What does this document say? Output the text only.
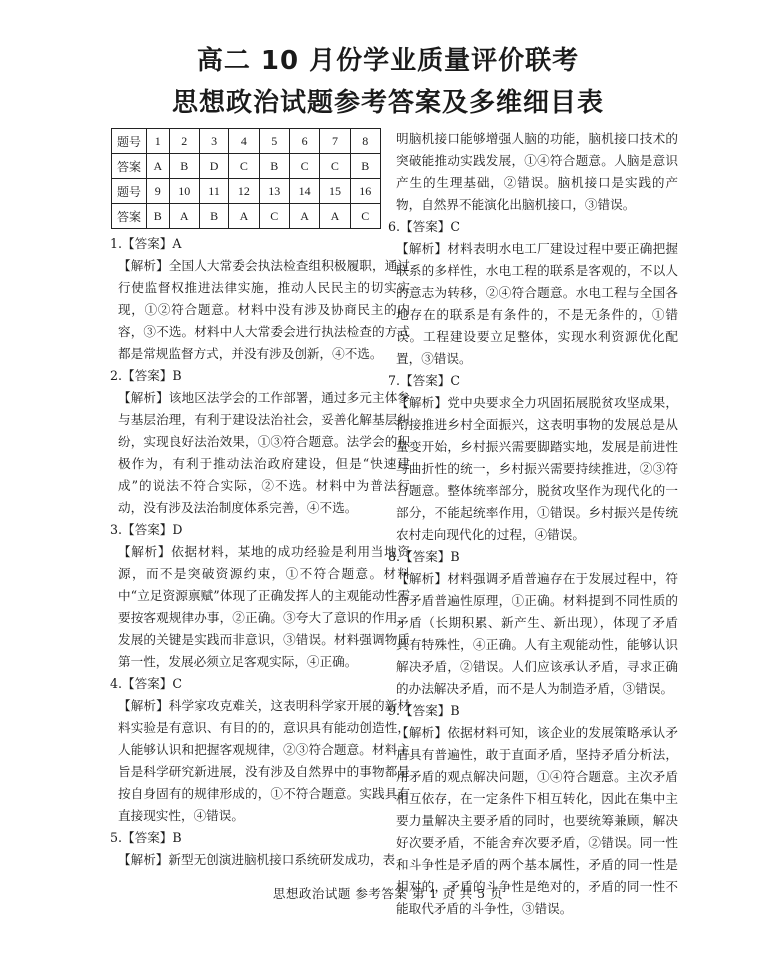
高二 10 月份学业质量评价联考
思想政治试题参考答案及多维细目表
题号	1	2	3	4	5	6	7	8
答案	A	B	D	C	B	C	C	B
题号	9	10	11	12	13	14	15	16
答案	B	A	B	A	C	A	A	C

1.【答案】A

【解析】全国人大常委会执法检查组积极履职，通过行使监督权推进法律实施，推动人民民主的切实实现，①②符合题意。材料中没有涉及协商民主的内容，③不选。材料中人大常委会进行执法检查的方式都是常规监督方式，并没有涉及创新，④不选。

2.【答案】B

【解析】该地区法学会的工作部署，通过多元主体参与基层治理，有利于建设法治社会，妥善化解基层纠纷，实现良好法治效果，①③符合题意。法学会的积极作为，有利于推动法治政府建设，但是“快速建成”的说法不符合实际，②不选。材料中为普法行动，没有涉及法治制度体系完善，④不选。

3.【答案】D

【解析】依据材料，某地的成功经验是利用当地资源，而不是突破资源约束，①不符合题意。材料中“立足资源禀赋”体现了正确发挥人的主观能动性需要按客观规律办事，②正确。③夸大了意识的作用，发展的关键是实践而非意识，③错误。材料强调物质第一性，发展必须立足客观实际，④正确。

4.【答案】C

【解析】科学家攻克难关，这表明科学家开展的新材料实验是有意识、有目的的，意识具有能动创造性，人能够认识和把握客观规律，②③符合题意。材料主旨是科学研究新进展，没有涉及自然界中的事物都是按自身固有的规律形成的，①不符合题意。实践具有直接现实性，④错误。

5.【答案】B

【解析】新型无创演进脑机接口系统研发成功，表

明脑机接口能够增强人脑的功能，脑机接口技术的突破能推动实践发展，①④符合题意。人脑是意识产生的生理基础，②错误。脑机接口是实践的产物，自然界不能演化出脑机接口，③错误。

6.【答案】C

【解析】材料表明水电工厂建设过程中要正确把握联系的多样性，水电工程的联系是客观的，不以人的意志为转移，②④符合题意。水电工程与全国各地存在的联系是有条件的，不是无条件的，①错误。工程建设要立足整体，实现水利资源优化配置，③错误。

7.【答案】C

【解析】党中央要求全力巩固拓展脱贫攻坚成果，衔接推进乡村全面振兴，这表明事物的发展总是从量变开始，乡村振兴需要脚踏实地，发展是前进性与曲折性的统一，乡村振兴需要持续推进，②③符合题意。整体统率部分，脱贫攻坚作为现代化的一部分，不能起统率作用，①错误。乡村振兴是传统农村走向现代化的过程，④错误。

8.【答案】B

【解析】材料强调矛盾普遍存在于发展过程中，符合矛盾普遍性原理，①正确。材料提到不同性质的矛盾（长期积累、新产生、新出现），体现了矛盾具有特殊性，④正确。人有主观能动性，能够认识解决矛盾，②错误。人们应该承认矛盾，寻求正确的办法解决矛盾，而不是人为制造矛盾，③错误。

9.【答案】B

【解析】依据材料可知，该企业的发展策略承认矛盾具有普遍性，敢于直面矛盾，坚持矛盾分析法，用矛盾的观点解决问题，①④符合题意。主次矛盾相互依存，在一定条件下相互转化，因此在集中主要力量解决主要矛盾的同时，也要统筹兼顾，解决好次要矛盾，不能舍弃次要矛盾，②错误。同一性和斗争性是矛盾的两个基本属性，矛盾的同一性是相对的，矛盾的斗争性是绝对的，矛盾的同一性不能取代矛盾的斗争性，③错误。

思想政治试题 参考答案 第 1 页 共 5 页
